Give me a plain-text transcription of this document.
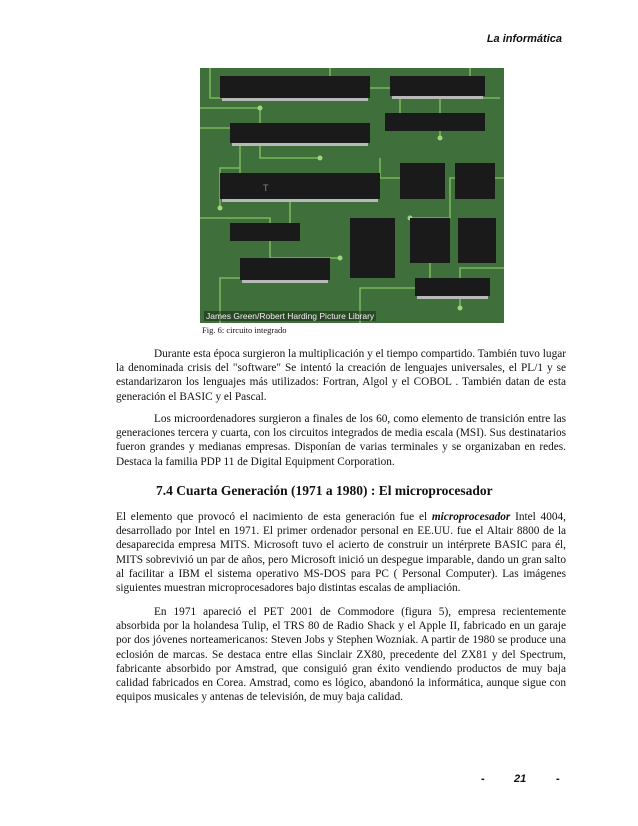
La informática
T
James Green/Robert Harding Picture Library
Fig. 6: circuito integrado
Durante esta época surgieron la multiplicación y el tiempo compartido. También tuvo lugar la denominada crisis del "software" Se intentó la creación de lenguajes universales, el PL/1 y se estandarizaron los lenguajes más utilizados: Fortran, Algol y el COBOL . También datan de esta generación el BASIC y el Pascal.
Los microordenadores surgieron a finales de los 60, como elemento de transición entre las generaciones tercera y cuarta, con los circuitos integrados de media escala (MSI). Sus destinatarios fueron grandes y medianas empresas. Disponían de varias terminales y se organizaban en redes. Destaca la familia PDP 11 de Digital Equipment Corporation.
7.4 Cuarta Generación (1971 a 1980) : El microprocesador
El elemento que provocó el nacimiento de esta generación fue el microprocesador Intel 4004, desarrollado por Intel en 1971. El primer ordenador personal en EE.UU. fue el Altair 8800 de la desaparecida empresa MITS. Microsoft tuvo el acierto de construir un intérprete BASIC para él, MITS sobrevivió un par de años, pero Microsoft inició un despegue imparable, dando un gran salto al facilitar a IBM el sistema operativo MS-DOS para PC ( Personal Computer). Las imágenes siguientes muestran microprocesadores bajo distintas escalas de ampliación.
En 1971 apareció el PET 2001 de Commodore (figura 5), empresa recientemente absorbida por la holandesa Tulip, el TRS 80 de Radio Shack y el Apple II, fabricado en un garaje por dos jóvenes norteamericanos: Steven Jobs y Stephen Wozniak. A partir de 1980 se produce una eclosión de marcas. Se destaca entre ellas Sinclair ZX80, precedente del ZX81 y del Spectrum, fabricante absorbido por Amstrad, que consiguió gran éxito vendiendo productos de muy baja calidad fabricados en Corea. Amstrad, como es lógico, abandonó la informática, aunque sigue con equipos musicales y antenas de televisión, de muy baja calidad.
-	21	-
